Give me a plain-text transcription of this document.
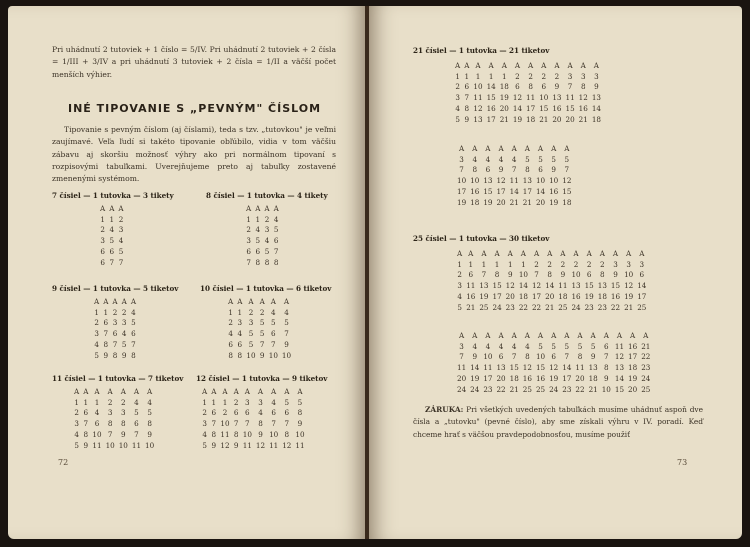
Pri uhádnutí 2 tutoviek + 1 číslo = 5/IV. Pri uhádnutí 2 tutoviek + 2 čísla = 1/III + 3/IV a pri uhádnutí 3 tutoviek + 2 čísla = 1/II a väčší počet menších výhier.
INÉ TIPOVANIE S „PEVNÝM" ČÍSLOM
Tipovanie s pevným číslom (aj číslami), teda s tzv. „tutovkou" je veľmi zaujímavé. Veľa ľudí si takéto tipovanie obľúbilo, vidia v tom väčšiu zábavu aj skoršiu možnosť výhry ako pri normálnom tipovaní s rozpisovými tabuľkami. Uverejňujeme preto aj tabuľky zostavené zmenenými systémom.
7 čísiel — 1 tutovka — 3 tikety
A	A	A
1	1	2
2	4	3
3	5	4
6	6	5
6	7	7
8 čísiel — 1 tutovka — 4 tikety
A	A	A	A
1	1	2	4
2	4	3	5
3	5	4	6
6	6	5	7
7	8	8	8
9 čísiel — 1 tutovka — 5 tiketov
A	A	A	A	A
1	1	2	2	4
2	6	3	3	5
3	7	6	4	6
4	8	7	5	7
5	9	8	9	8
10 čísiel — 1 tutovka — 6 tiketov
A	A	A	A	A	A
1	1	2	2	4	4
2	3	3	5	5	5
4	4	5	5	6	7
6	6	5	7	7	9
8	8	10	9	10	10
11 čísiel — 1 tutovka — 7 tiketov
A	A	A	A	A	A	A
1	1	1	2	2	4	4
2	6	4	3	3	5	5
3	7	6	8	8	6	8
4	8	10	7	9	7	9
5	9	11	10	10	11	10
12 čísiel — 1 tutovka — 9 tiketov
A	A	A	A	A	A	A	A	A
1	1	1	2	3	3	4	5	5
2	6	2	6	6	4	6	6	8
3	7	10	7	7	8	7	7	9
4	8	11	8	10	9	10	8	10
5	9	12	9	11	12	11	12	11
72
21 čísiel — 1 tutovka — 21 tiketov
A	A	A	A	A	A	A	A	A	A	A	A
1	1	1	1	1	2	2	2	2	3	3	3
2	6	10	14	18	6	8	6	9	7	8	9
3	7	11	15	19	12	11	10	13	11	12	13
4	8	12	16	20	14	17	15	16	15	16	14
5	9	13	17	21	19	18	21	20	20	21	18
A	A	A	A	A	A	A	A	A
3	4	4	4	4	5	5	5	5
7	8	6	9	7	8	6	9	7
10	10	13	12	11	13	10	10	12
17	16	15	17	14	17	14	16	15
19	18	19	20	21	21	20	19	18
25 čísiel — 1 tutovka — 30 tiketov
A	A	A	A	A	A	A	A	A	A	A	A	A	A	A
1	1	1	1	1	1	2	2	2	2	2	2	3	3	3
2	6	7	8	9	10	7	8	9	10	6	8	9	10	6
3	11	13	15	12	14	12	14	11	13	15	13	15	12	14
4	16	19	17	20	18	17	20	18	16	19	18	16	19	17
5	21	25	24	23	22	22	21	25	24	23	23	22	21	25
A	A	A	A	A	A	A	A	A	A	A	A	A	A	A
3	4	4	4	4	4	5	5	5	5	5	6	11	16	21
7	9	10	6	7	8	10	6	7	8	9	7	12	17	22
11	14	11	13	15	12	15	12	14	11	13	8	13	18	23
20	19	17	20	18	16	16	19	17	20	18	9	14	19	24
24	24	23	22	21	25	25	24	23	22	21	10	15	20	25
ZÁRUKA: Pri všetkých uvedených tabuľkách musíme uhádnuť aspoň dve čísla a „tutovku" (pevné číslo), aby sme získali výhru v IV. poradí. Keď chceme hrať s väčšou pravdepodobnosťou, musíme použiť
73
